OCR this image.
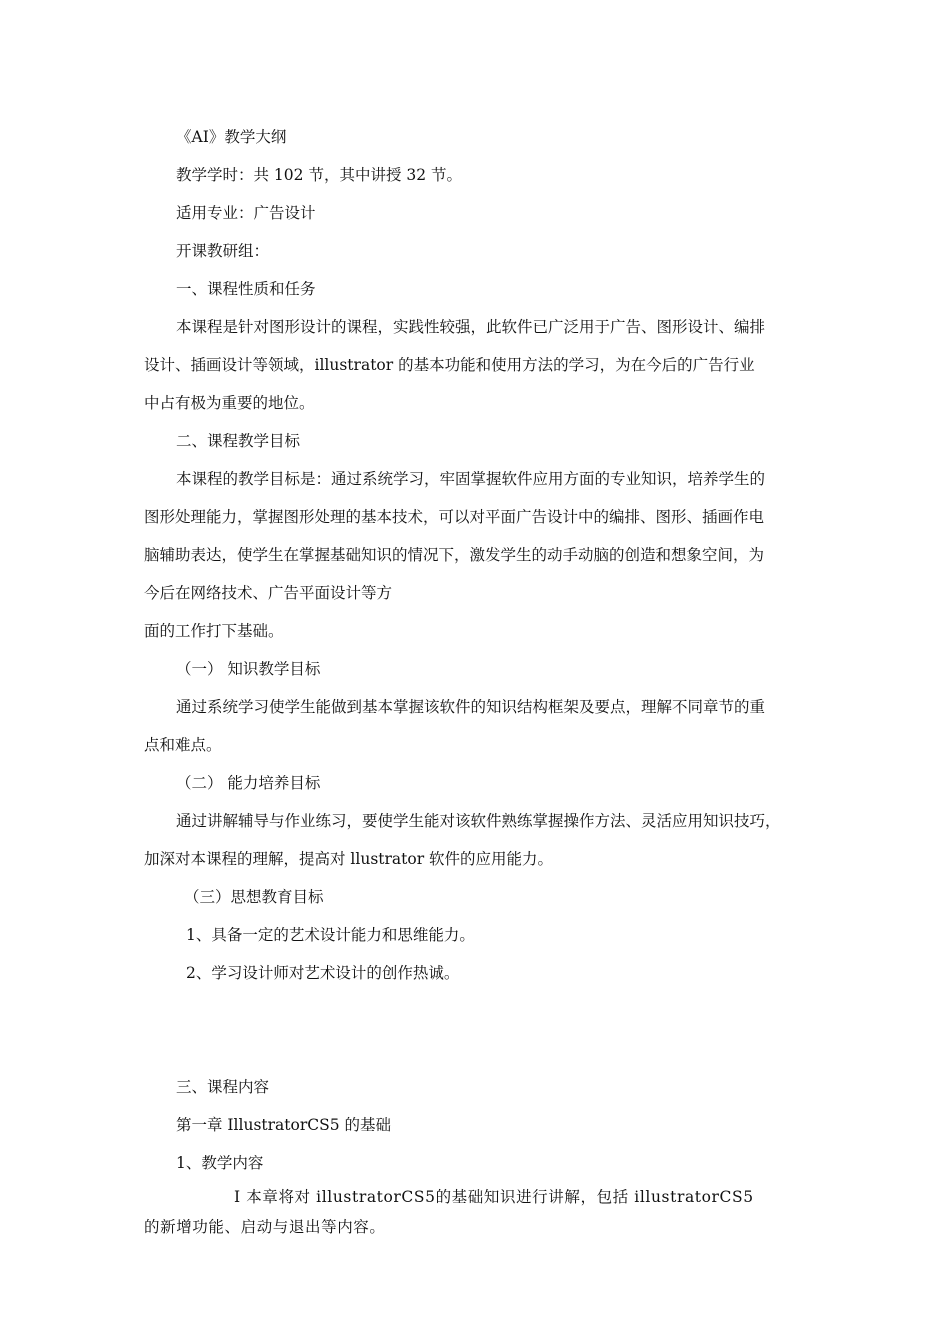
《AI》教学大纲

教学学时：共 102 节，其中讲授 32 节。

适用专业：广告设计

开课教研组：

一、课程性质和任务

本课程是针对图形设计的课程，实践性较强，此软件已广泛用于广告、图形设计、编排

设计、插画设计等领域，illustrator 的基本功能和使用方法的学习，为在今后的广告行业

中占有极为重要的地位。

二、课程教学目标

本课程的教学目标是：通过系统学习，牢固掌握软件应用方面的专业知识，培养学生的

图形处理能力，掌握图形处理的基本技术，可以对平面广告设计中的编排、图形、插画作电

脑辅助表达，使学生在掌握基础知识的情况下，激发学生的动手动脑的创造和想象空间，为

今后在网络技术、广告平面设计等方

面的工作打下基础。

（一） 知识教学目标

通过系统学习使学生能做到基本掌握该软件的知识结构框架及要点，理解不同章节的重

点和难点。

（二） 能力培养目标

通过讲解辅导与作业练习，要使学生能对该软件熟练掌握操作方法、灵活应用知识技巧，

加深对本课程的理解，提高对 llustrator 软件的应用能力。

（三）思想教育目标

1、具备一定的艺术设计能力和思维能力。

2、学习设计师对艺术设计的创作热诚。

三、课程内容

第一章 IllustratorCS5 的基础

1、教学内容

I 本章将对 illustratorCS5的基础知识进行讲解，包括 illustratorCS5

的新增功能、启动与退出等内容。
